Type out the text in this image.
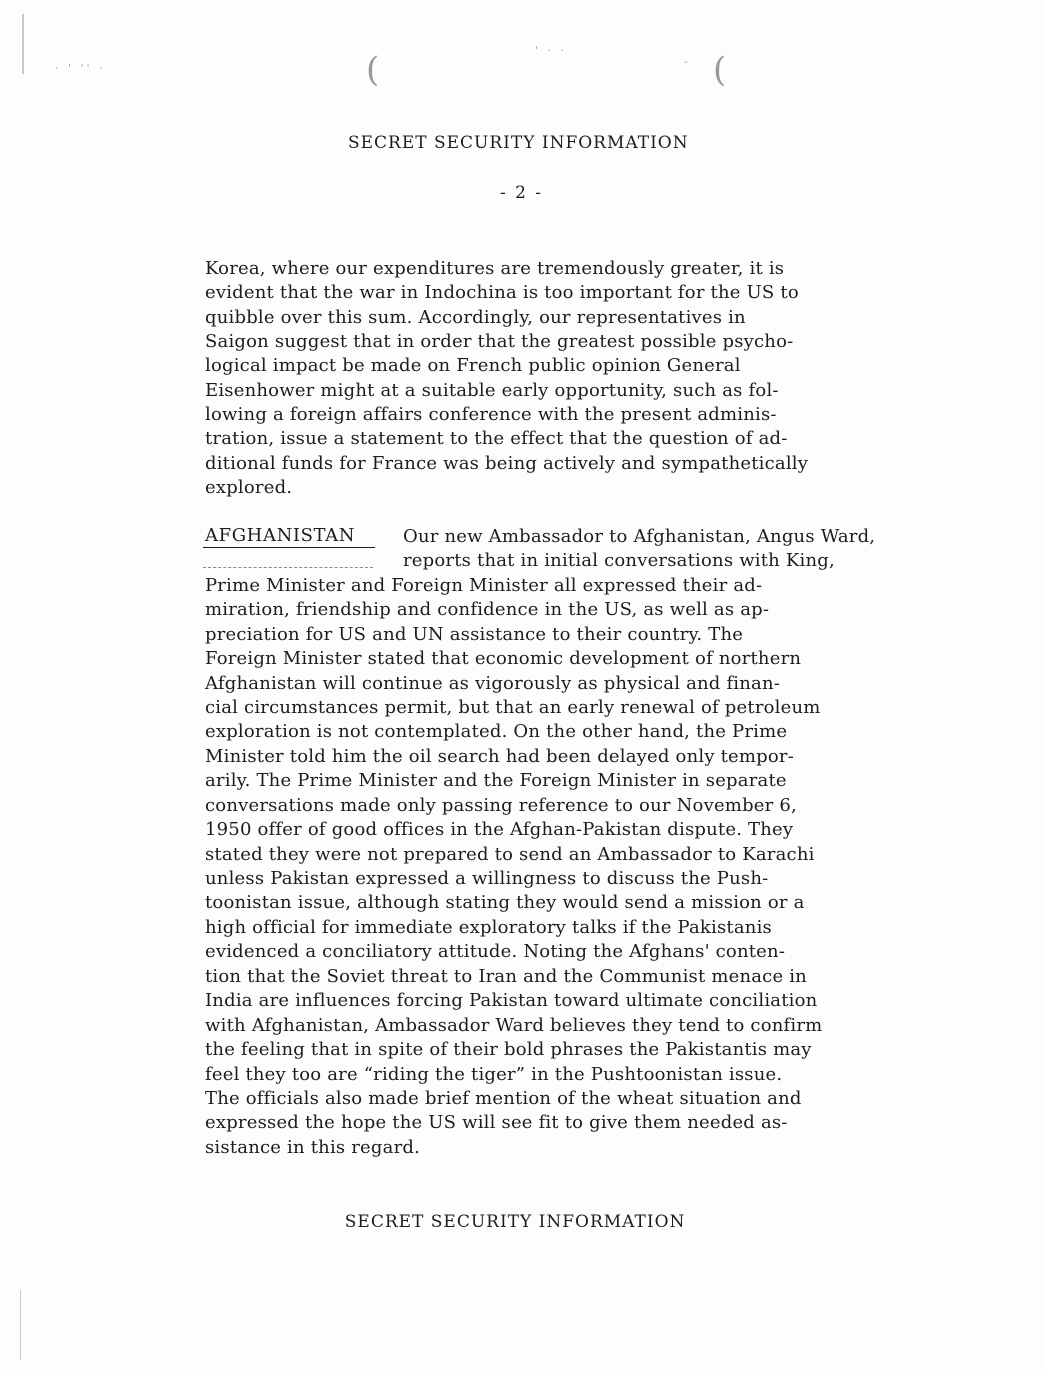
· ' '' ·
' · ·
(	(
-
SECRET SECURITY INFORMATION
- 2 -
Korea, where our expenditures are tremendously greater, it is
evident that the war in Indochina is too important for the US to
quibble over this sum. Accordingly, our representatives in
Saigon suggest that in order that the greatest possible psycho-
logical impact be made on French public opinion General
Eisenhower might at a suitable early opportunity, such as fol-
lowing a foreign affairs conference with the present adminis-
tration, issue a statement to the effect that the question of ad-
ditional funds for France was being actively and sympathetically
explored.
AFGHANISTAN	Our new Ambassador to Afghanistan, Angus Ward,
reports that in initial conversations with King,
Prime Minister and Foreign Minister all expressed their ad-
miration, friendship and confidence in the US, as well as ap-
preciation for US and UN assistance to their country. The
Foreign Minister stated that economic development of northern
Afghanistan will continue as vigorously as physical and finan-
cial circumstances permit, but that an early renewal of petroleum
exploration is not contemplated. On the other hand, the Prime
Minister told him the oil search had been delayed only tempor-
arily. The Prime Minister and the Foreign Minister in separate
conversations made only passing reference to our November 6,
1950 offer of good offices in the Afghan-Pakistan dispute. They
stated they were not prepared to send an Ambassador to Karachi
unless Pakistan expressed a willingness to discuss the Push-
toonistan issue, although stating they would send a mission or a
high official for immediate exploratory talks if the Pakistanis
evidenced a conciliatory attitude. Noting the Afghans' conten-
tion that the Soviet threat to Iran and the Communist menace in
India are influences forcing Pakistan toward ultimate conciliation
with Afghanistan, Ambassador Ward believes they tend to confirm
the feeling that in spite of their bold phrases the Pakistantis may
feel they too are “riding the tiger” in the Pushtoonistan issue.
The officials also made brief mention of the wheat situation and
expressed the hope the US will see fit to give them needed as-
sistance in this regard.
SECRET SECURITY INFORMATION
